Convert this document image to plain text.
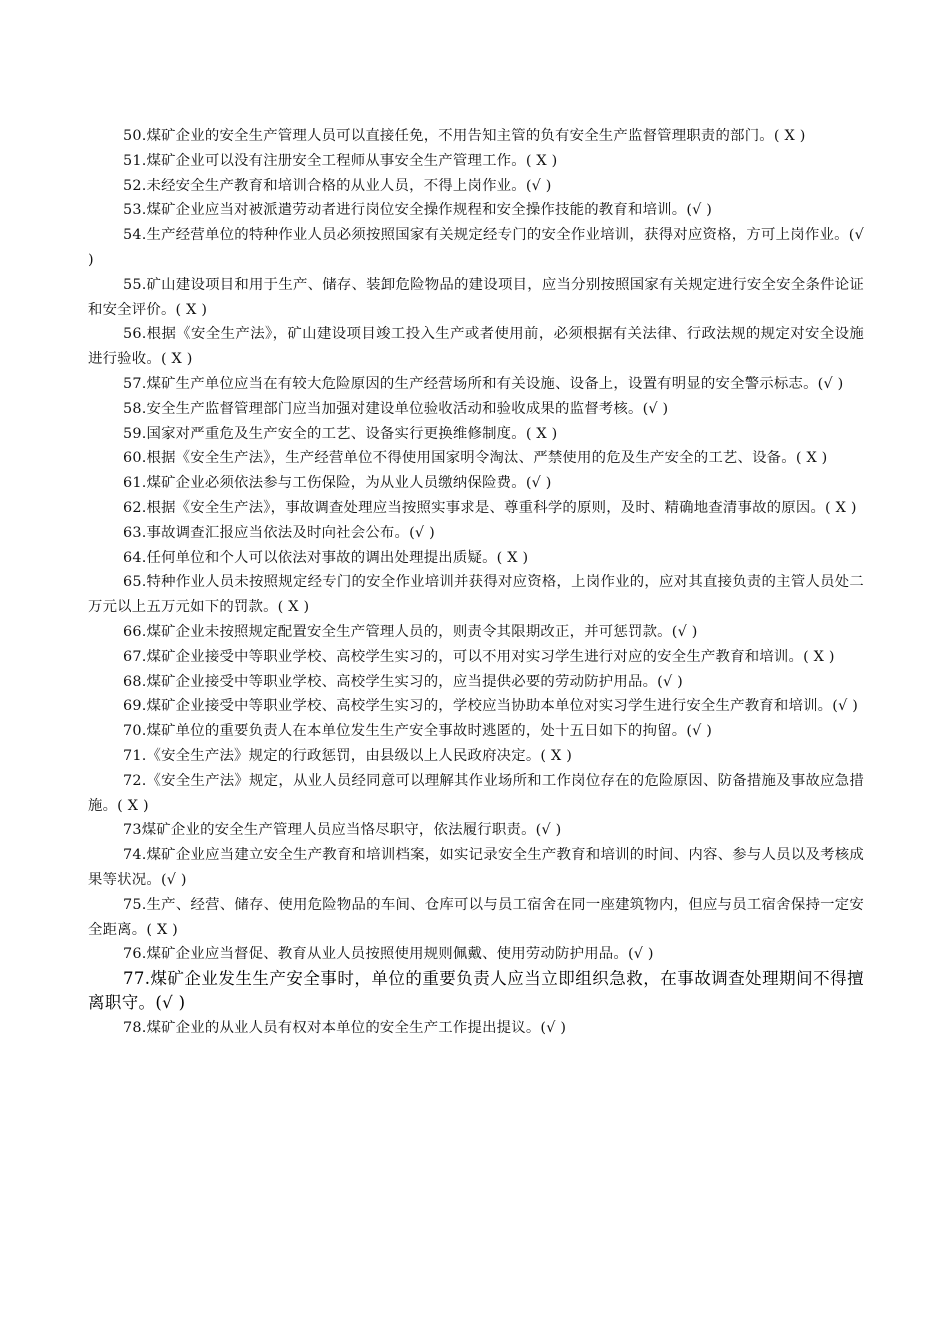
50.煤矿企业的安全生产管理人员可以直接任免，不用告知主管的负有安全生产监督管理职责的部门。( X )

51.煤矿企业可以没有注册安全工程师从事安全生产管理工作。( X )

52.未经安全生产教育和培训合格的从业人员，不得上岗作业。(√ )

53.煤矿企业应当对被派遣劳动者进行岗位安全操作规程和安全操作技能的教育和培训。(√ )

54.生产经营单位的特种作业人员必须按照国家有关规定经专门的安全作业培训，获得对应资格，方可上岗作业。(√ )

55.矿山建设项目和用于生产、储存、装卸危险物品的建设项目，应当分别按照国家有关规定进行安全安全条件论证和安全评价。( X )

56.根据《安全生产法》，矿山建设项目竣工投入生产或者使用前，必须根据有关法律、行政法规的规定对安全设施进行验收。( X )

57.煤矿生产单位应当在有较大危险原因的生产经营场所和有关设施、设备上，设置有明显的安全警示标志。(√ )

58.安全生产监督管理部门应当加强对建设单位验收活动和验收成果的监督考核。(√ )

59.国家对严重危及生产安全的工艺、设备实行更换维修制度。( X )

60.根据《安全生产法》，生产经营单位不得使用国家明令淘汰、严禁使用的危及生产安全的工艺、设备。( X )

61.煤矿企业必须依法参与工伤保险，为从业人员缴纳保险费。(√ )

62.根据《安全生产法》，事故调查处理应当按照实事求是、尊重科学的原则，及时、精确地查清事故的原因。( X )

63.事故调查汇报应当依法及时向社会公布。(√ )

64.任何单位和个人可以依法对事故的调出处理提出质疑。( X )

65.特种作业人员未按照规定经专门的安全作业培训并获得对应资格，上岗作业的，应对其直接负责的主管人员处二万元以上五万元如下的罚款。( X )

66.煤矿企业未按照规定配置安全生产管理人员的，则责令其限期改正，并可惩罚款。(√ )

67.煤矿企业接受中等职业学校、高校学生实习的，可以不用对实习学生进行对应的安全生产教育和培训。( X )

68.煤矿企业接受中等职业学校、高校学生实习的，应当提供必要的劳动防护用品。(√ )

69.煤矿企业接受中等职业学校、高校学生实习的，学校应当协助本单位对实习学生进行安全生产教育和培训。(√ )

70.煤矿单位的重要负责人在本单位发生生产安全事故时逃匿的，处十五日如下的拘留。(√ )

71.《安全生产法》规定的行政惩罚，由县级以上人民政府决定。( X )

72.《安全生产法》规定，从业人员经同意可以理解其作业场所和工作岗位存在的危险原因、防备措施及事故应急措施。( X )

73煤矿企业的安全生产管理人员应当恪尽职守，依法履行职责。(√ )

74.煤矿企业应当建立安全生产教育和培训档案，如实记录安全生产教育和培训的时间、内容、参与人员以及考核成果等状况。(√ )

75.生产、经营、储存、使用危险物品的车间、仓库可以与员工宿舍在同一座建筑物内，但应与员工宿舍保持一定安全距离。( X )

76.煤矿企业应当督促、教育从业人员按照使用规则佩戴、使用劳动防护用品。(√ )

77.煤矿企业发生生产安全事时，单位的重要负责人应当立即组织急救，在事故调查处理期间不得擅离职守。(√ )

78.煤矿企业的从业人员有权对本单位的安全生产工作提出提议。(√ )
